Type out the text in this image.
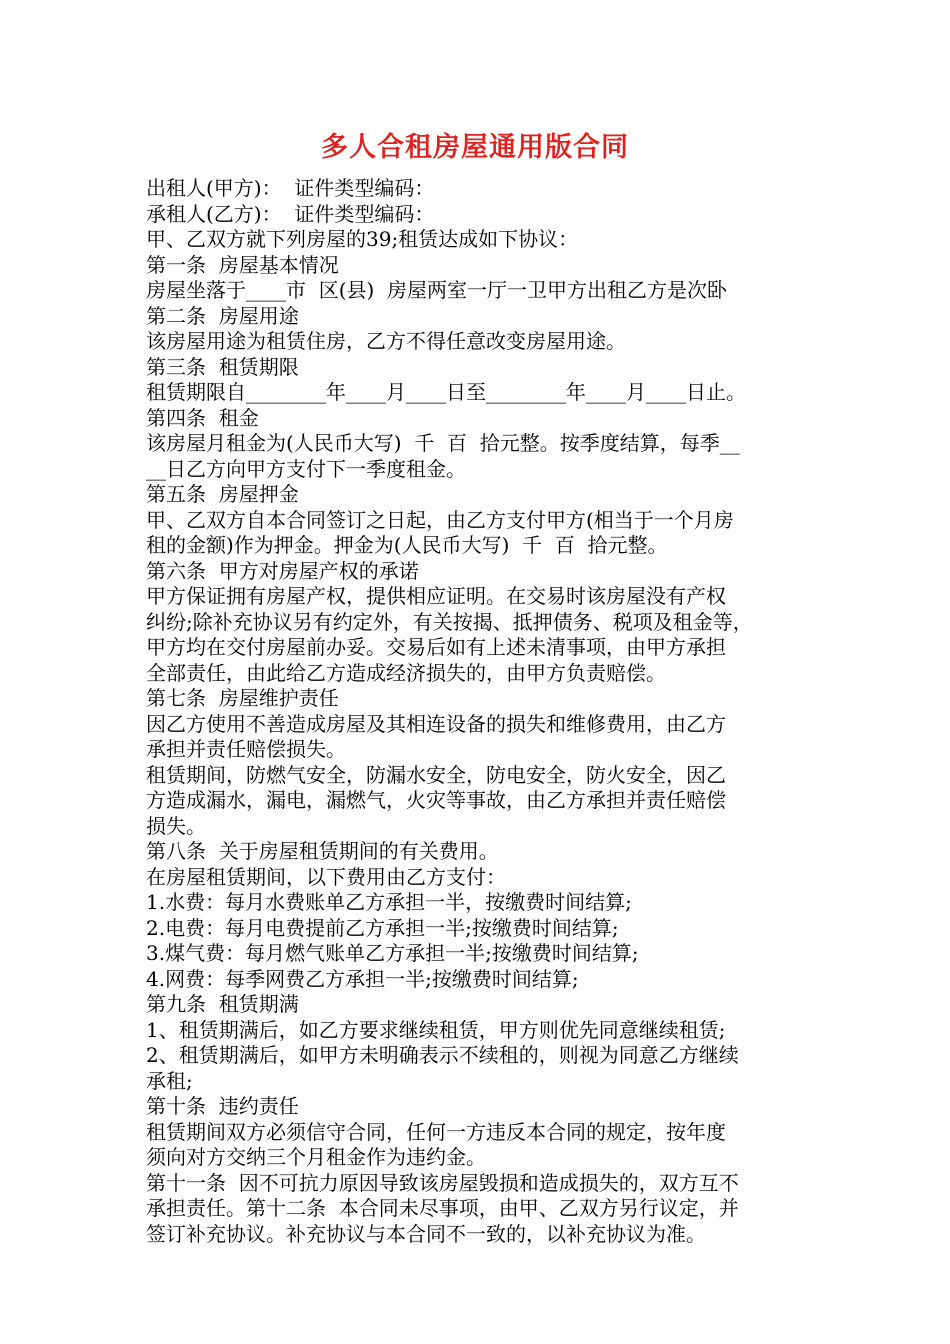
多人合租房屋通用版合同
出租人(甲方)：  证件类型编码：
承租人(乙方)：  证件类型编码：
甲、乙双方就下列房屋的39;租赁达成如下协议：
第一条  房屋基本情况
房屋坐落于____市  区(县)  房屋两室一厅一卫甲方出租乙方是次卧
第二条  房屋用途
该房屋用途为租赁住房，乙方不得任意改变房屋用途。
第三条  租赁期限
租赁期限自________年____月____日至________年____月____日止。
第四条  租金
该房屋月租金为(人民币大写)  千  百  拾元整。按季度结算，每季__
__日乙方向甲方支付下一季度租金。
第五条  房屋押金
甲、乙双方自本合同签订之日起，由乙方支付甲方(相当于一个月房
租的金额)作为押金。押金为(人民币大写)  千  百  拾元整。
第六条  甲方对房屋产权的承诺
甲方保证拥有房屋产权，提供相应证明。在交易时该房屋没有产权
纠纷;除补充协议另有约定外，有关按揭、抵押债务、税项及租金等，
甲方均在交付房屋前办妥。交易后如有上述未清事项，由甲方承担
全部责任，由此给乙方造成经济损失的，由甲方负责赔偿。
第七条  房屋维护责任
因乙方使用不善造成房屋及其相连设备的损失和维修费用，由乙方
承担并责任赔偿损失。
租赁期间，防燃气安全，防漏水安全，防电安全，防火安全，因乙
方造成漏水，漏电，漏燃气，火灾等事故，由乙方承担并责任赔偿
损失。
第八条  关于房屋租赁期间的有关费用。
在房屋租赁期间，以下费用由乙方支付：
1.水费：每月水费账单乙方承担一半，按缴费时间结算;
2.电费：每月电费提前乙方承担一半;按缴费时间结算;
3.煤气费：每月燃气账单乙方承担一半;按缴费时间结算;
4.网费：每季网费乙方承担一半;按缴费时间结算;
第九条  租赁期满
1、租赁期满后，如乙方要求继续租赁，甲方则优先同意继续租赁;
2、租赁期满后，如甲方未明确表示不续租的，则视为同意乙方继续
承租;
第十条  违约责任
租赁期间双方必须信守合同，任何一方违反本合同的规定，按年度
须向对方交纳三个月租金作为违约金。
第十一条  因不可抗力原因导致该房屋毁损和造成损失的，双方互不
承担责任。第十二条  本合同未尽事项，由甲、乙双方另行议定，并
签订补充协议。补充协议与本合同不一致的，以补充协议为准。
